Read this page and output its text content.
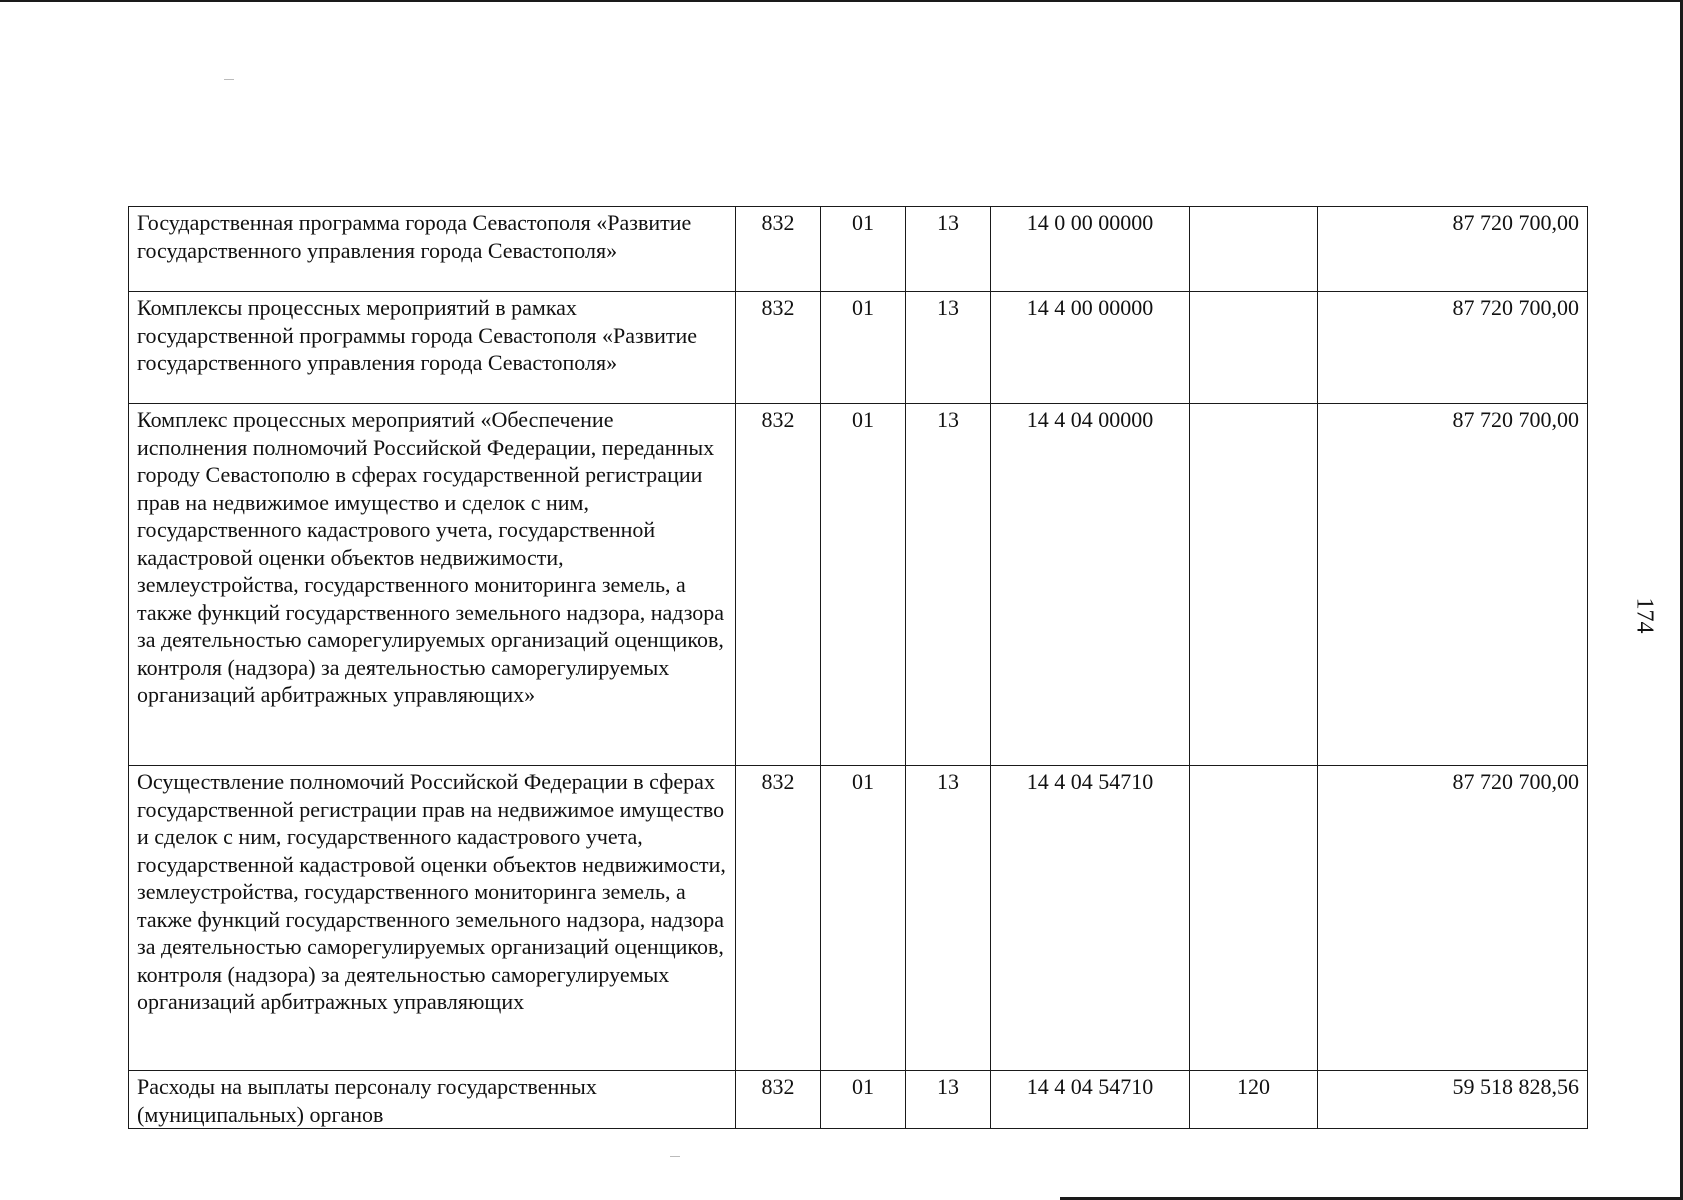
Государственная программа города Севастополя «Развитие государственного управления города Севастополя»	832	01	13	14 0 00 00000		87 720 700,00
Комплексы процессных мероприятий в рамках государственной программы города Севастополя «Развитие государственного управления города Севастополя»	832	01	13	14 4 00 00000		87 720 700,00
Комплекс процессных мероприятий «Обеспечение исполнения полномочий Российской Федерации, переданных городу Севастополю в сферах государственной регистрации прав на недвижимое имущество и сделок с ним, государственного кадастрового учета, государственной кадастровой оценки объектов недвижимости, землеустройства, государственного мониторинга земель, а также функций государственного земельного надзора, надзора за деятельностью саморегулируемых организаций оценщиков, контроля (надзора) за деятельностью саморегулируемых организаций арбитражных управляющих»	832	01	13	14 4 04 00000		87 720 700,00
Осуществление полномочий Российской Федерации в сферах государственной регистрации прав на недвижимое имущество и сделок с ним, государственного кадастрового учета, государственной кадастровой оценки объектов недвижимости, землеустройства, государственного мониторинга земель, а также функций государственного земельного надзора, надзора за деятельностью саморегулируемых организаций оценщиков, контроля (надзора) за деятельностью саморегулируемых организаций арбитражных управляющих	832	01	13	14 4 04 54710		87 720 700,00
Расходы на выплаты персоналу государственных (муниципальных) органов	832	01	13	14 4 04 54710	120	59 518 828,56
174
